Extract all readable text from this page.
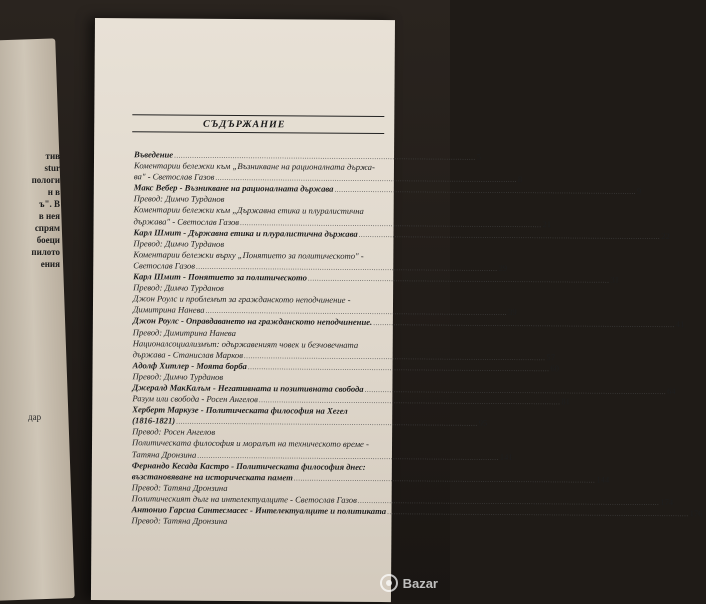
тив
stur
пологи
н в
ъ". В
в нея
спрям
боеци
пилото
ения
дар
СЪДЪРЖАНИЕ
Въведение .....	5
Коментарии бележки към „Възникване на рационалната държа-
ва" - Светослав Газов .....	8
Макс Вебер - Възникване на рационалната държава .....	9
Превод: Димчо Турданов
Коментарии бележки към „Държавна етика и плуралистична
държава" - Светослав Газов .....	21
Карл Шмит - Държавна етика и плуралистична държава .....	22
Превод: Димчо Турданов
Коментарии бележки върху „Понятието за политическото" -
Светослав Газов .....	29
Карл Шмит - Понятието за политическото .....	31
Превод: Димчо Турданов
Джон Роулс и проблемът за гражданското неподчинение -
Димитрина Нанева .....	39
Джон Роулс - Оправдаването на гражданското неподчинение. .....	41
Превод: Димитрина Нанева
Националсоциализмът: одържавеният човек и безчовечната
държава - Станислав Марков .....	57
Адолф Хитлер - Моята борба .....	60
Превод: Димчо Турданов
Джералд МакКалъм - Негативната и позитивната свобода .....	64
Разум или свобода - Росен Ангелов .....	81
Херберт Маркузе - Политическата философия на Хегел
(1816-1821) .....	95
Превод: Росен Ангелов
Политическата философия и моралът на техническото време -
Татяна Дронзина .....	141
Фернандо Кесада Кастро - Политическата философия днес:
възстановяване на историческата памет .....	144
Превод: Татяна Дронзина
Политическият дълг на интелектуалците - Светослав Газов .....	174
Антонио Гарсиа Сантесмасес - Интелектуалците и политиката .....	176
Превод: Татяна Дронзина
Bazar
